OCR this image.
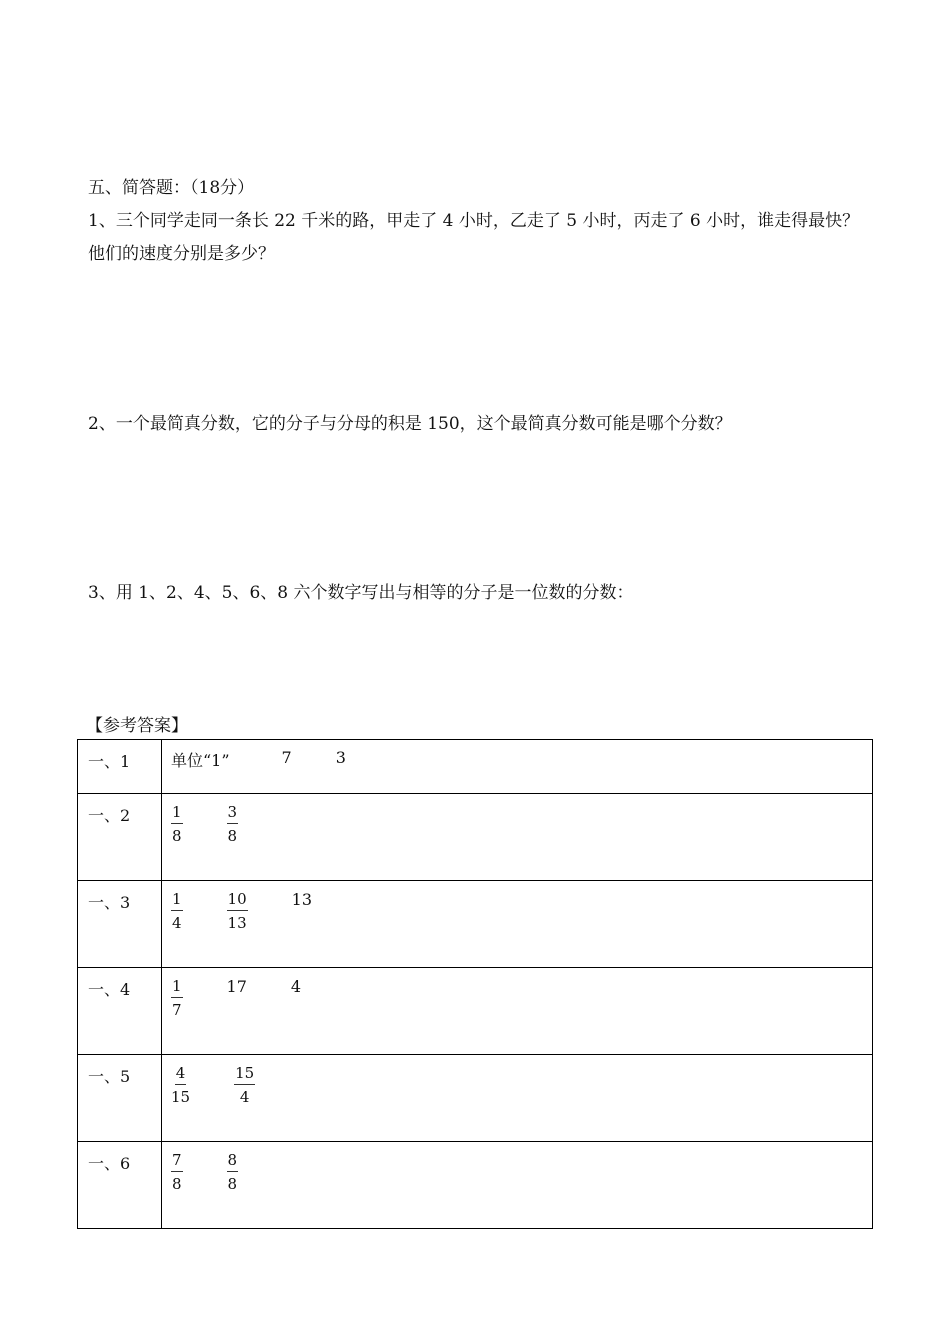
五、简答题：（18分）
1、三个同学走同一条长 22 千米的路，甲走了 4 小时，乙走了 5 小时，丙走了 6 小时，谁走得最快？
他们的速度分别是多少？
2、一个最简真分数，它的分子与分母的积是 150，这个最简真分数可能是哪个分数？
3、用 1、2、4、5、6、8 六个数字写出与相等的分子是一位数的分数：
【参考答案】
一、1	单位“1” 7 3

一、2	$\frac{1}{8} \frac{3}{8}$

一、3	$\frac{1}{4} \frac{10}{13} 13$

一、4	$\frac{1}{7} 17$ 4

一、5	$\frac{4}{15} \frac{15}{4}$

一、6	$\frac{7}{8} \frac{8}{8}$
